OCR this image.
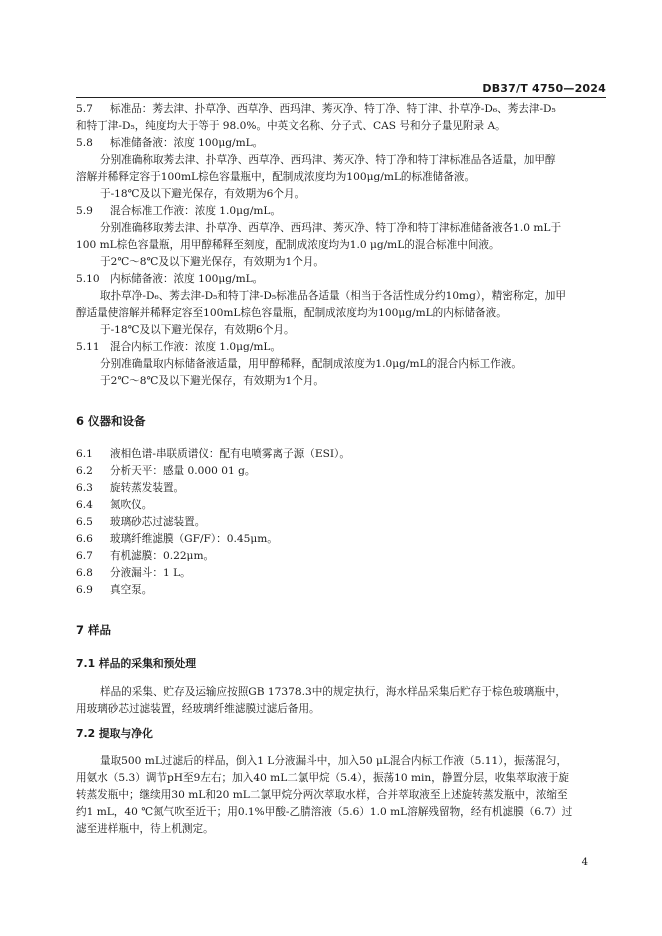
DB37/T 4750—2024
5.7 标准品：莠去津、扑草净、西草净、西玛津、莠灭净、特丁净、特丁津、扑草净-D₆、莠去津-D₅
和特丁津-D₅，纯度均大于等于 98.0%。中英文名称、分子式、CAS 号和分子量见附录 A。
5.8 标准储备液：浓度 100μg/mL。
分别准确称取莠去津、扑草净、西草净、西玛津、莠灭净、特丁净和特丁津标准品各适量，加甲醇
溶解并稀释定容于100mL棕色容量瓶中，配制成浓度均为100μg/mL的标准储备液。
于-18℃及以下避光保存，有效期为6个月。
5.9 混合标准工作液：浓度 1.0μg/mL。
分别准确移取莠去津、扑草净、西草净、西玛津、莠灭净、特丁净和特丁津标准储备液各1.0 mL于
100 mL棕色容量瓶，用甲醇稀释至刻度，配制成浓度均为1.0 μg/mL的混合标准中间液。
于2℃～8℃及以下避光保存，有效期为1个月。
5.10 内标储备液：浓度 100μg/mL。
取扑草净-D₆、莠去津-D₅和特丁津-D₅标准品各适量（相当于各活性成分约10mg），精密称定，加甲
醇适量使溶解并稀释定容至100mL棕色容量瓶，配制成浓度均为100μg/mL的内标储备液。
于-18℃及以下避光保存，有效期6个月。
5.11 混合内标工作液：浓度 1.0μg/mL。
分别准确量取内标储备液适量，用甲醇稀释，配制成浓度为1.0μg/mL的混合内标工作液。
于2℃～8℃及以下避光保存，有效期为1个月。
6 仪器和设备
6.1 液相色谱-串联质谱仪：配有电喷雾离子源（ESI）。
6.2 分析天平：感量 0.000 01 g。
6.3 旋转蒸发装置。
6.4 氮吹仪。
6.5 玻璃砂芯过滤装置。
6.6 玻璃纤维滤膜（GF/F）：0.45μm。
6.7 有机滤膜：0.22μm。
6.8 分液漏斗：1 L。
6.9 真空泵。
7 样品
7.1 样品的采集和预处理
样品的采集、贮存及运输应按照GB 17378.3中的规定执行，海水样品采集后贮存于棕色玻璃瓶中，
用玻璃砂芯过滤装置，经玻璃纤维滤膜过滤后备用。
7.2 提取与净化
量取500 mL过滤后的样品，倒入1 L分液漏斗中，加入50 μL混合内标工作液（5.11），振荡混匀，
用氨水（5.3）调节pH至9左右；加入40 mL二氯甲烷（5.4），振荡10 min，静置分层，收集萃取液于旋
转蒸发瓶中；继续用30 mL和20 mL二氯甲烷分两次萃取水样，合并萃取液至上述旋转蒸发瓶中，浓缩至
约1 mL，40 ℃氮气吹至近干；用0.1%甲酸-乙腈溶液（5.6）1.0 mL溶解残留物，经有机滤膜（6.7）过
滤至进样瓶中，待上机测定。
4
